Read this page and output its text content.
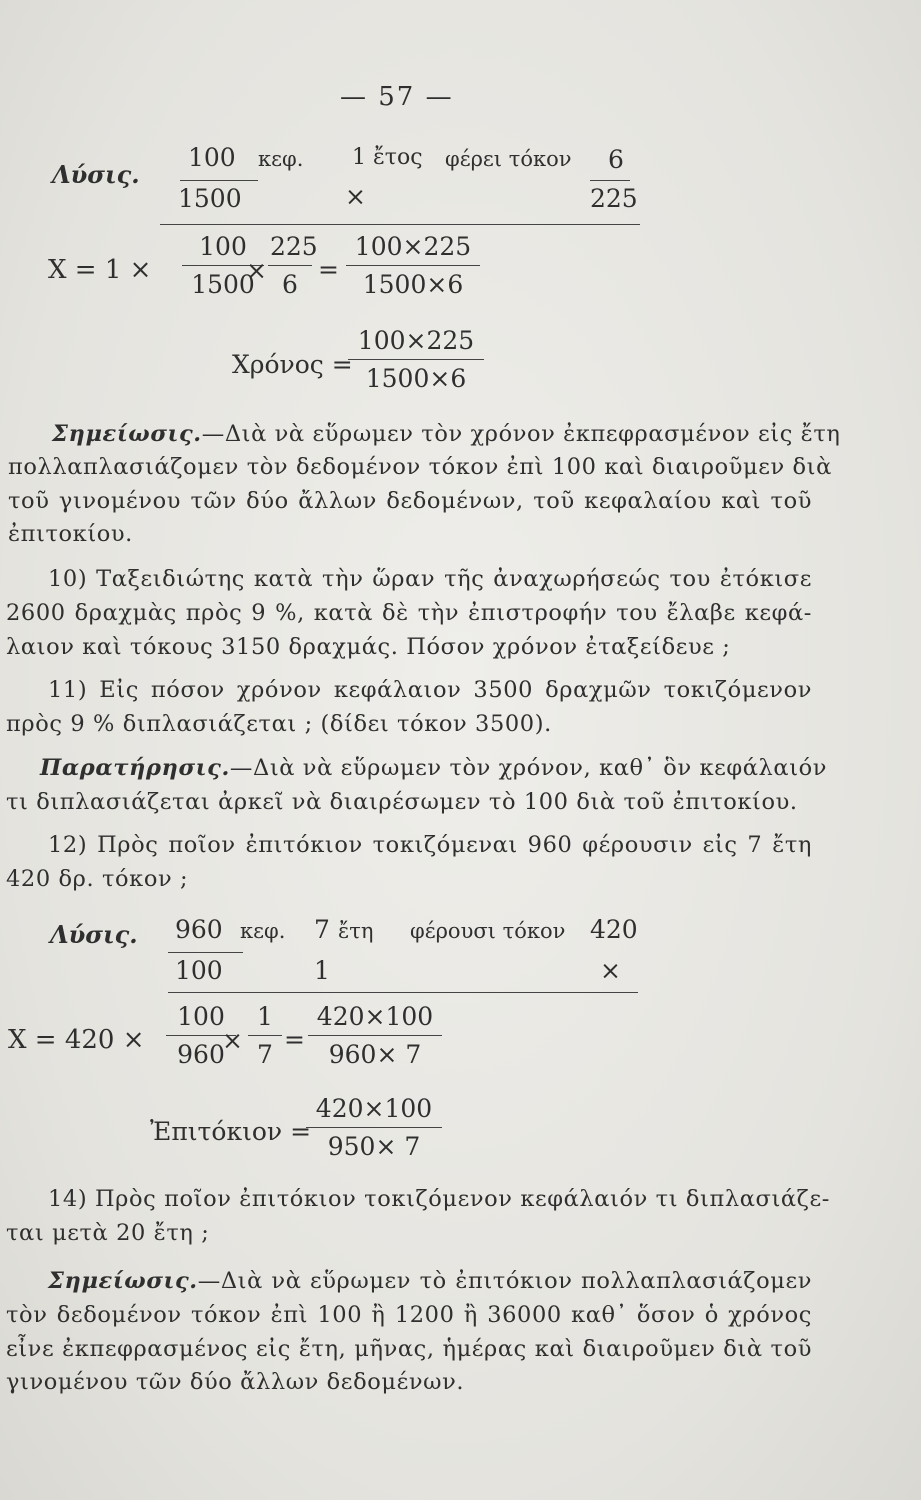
— 57 —
Λύσις.
100 κεφ. 1 ἔτος φέρει τόκον 6
1500	×	225
X = 1 ×
100
1500
×
225
6
=
100×225
1500×6
Χρόνος =
100×225
1500×6
Σημείωσις.—Διὰ νὰ εὕρωμεν τὸν χρόνον ἐκπεφρασμένον εἰς ἔτη
πολλαπλασιάζομεν τὸν δεδομένον τόκον ἐπὶ 100 καὶ διαιροῦμεν διὰ
τοῦ γινομένου τῶν δύο ἄλλων δεδομένων, τοῦ κεφαλαίου καὶ τοῦ
ἐπιτοκίου.
10) Ταξειδιώτης κατὰ τὴν ὥραν τῆς ἀναχωρήσεώς του ἐτόκισε
2600 δραχμὰς πρὸς 9 %, κατὰ δὲ τὴν ἐπιστροφήν του ἔλαβε κεφά-
λαιον καὶ τόκους 3150 δραχμάς. Πόσον χρόνον ἐταξείδευε ;
11) Εἰς πόσον χρόνον κεφάλαιον 3500 δραχμῶν τοκιζόμενον
πρὸς 9 % διπλασιάζεται ; (δίδει τόκον 3500).
Παρατήρησις.—Διὰ νὰ εὕρωμεν τὸν χρόνον, καθ᾽ ὃν κεφάλαιόν
τι διπλασιάζεται ἀρκεῖ νὰ διαιρέσωμεν τὸ 100 διὰ τοῦ ἐπιτοκίου.
12) Πρὸς ποῖον ἐπιτόκιον τοκιζόμεναι 960 φέρουσιν εἰς 7 ἔτη
420 δρ. τόκον ;
Λύσις. 960 κεφ. 7 ἔτη φέρουσι τόκον 420
100	1	×
X = 420 ×
100
960
×
1
7
=
420×100
960× 7
Ἐπιτόκιον =
420×100
950× 7
14) Πρὸς ποῖον ἐπιτόκιον τοκιζόμενον κεφάλαιόν τι διπλασιάζε-
ται μετὰ 20 ἔτη ;
Σημείωσις.—Διὰ νὰ εὕρωμεν τὸ ἐπιτόκιον πολλαπλασιάζομεν
τὸν δεδομένον τόκον ἐπὶ 100 ἢ 1200 ἢ 36000 καθ᾽ ὅσον ὁ χρόνος
εἶνε ἐκπεφρασμένος εἰς ἔτη, μῆνας, ἡμέρας καὶ διαιροῦμεν διὰ τοῦ
γινομένου τῶν δύο ἄλλων δεδομένων.
